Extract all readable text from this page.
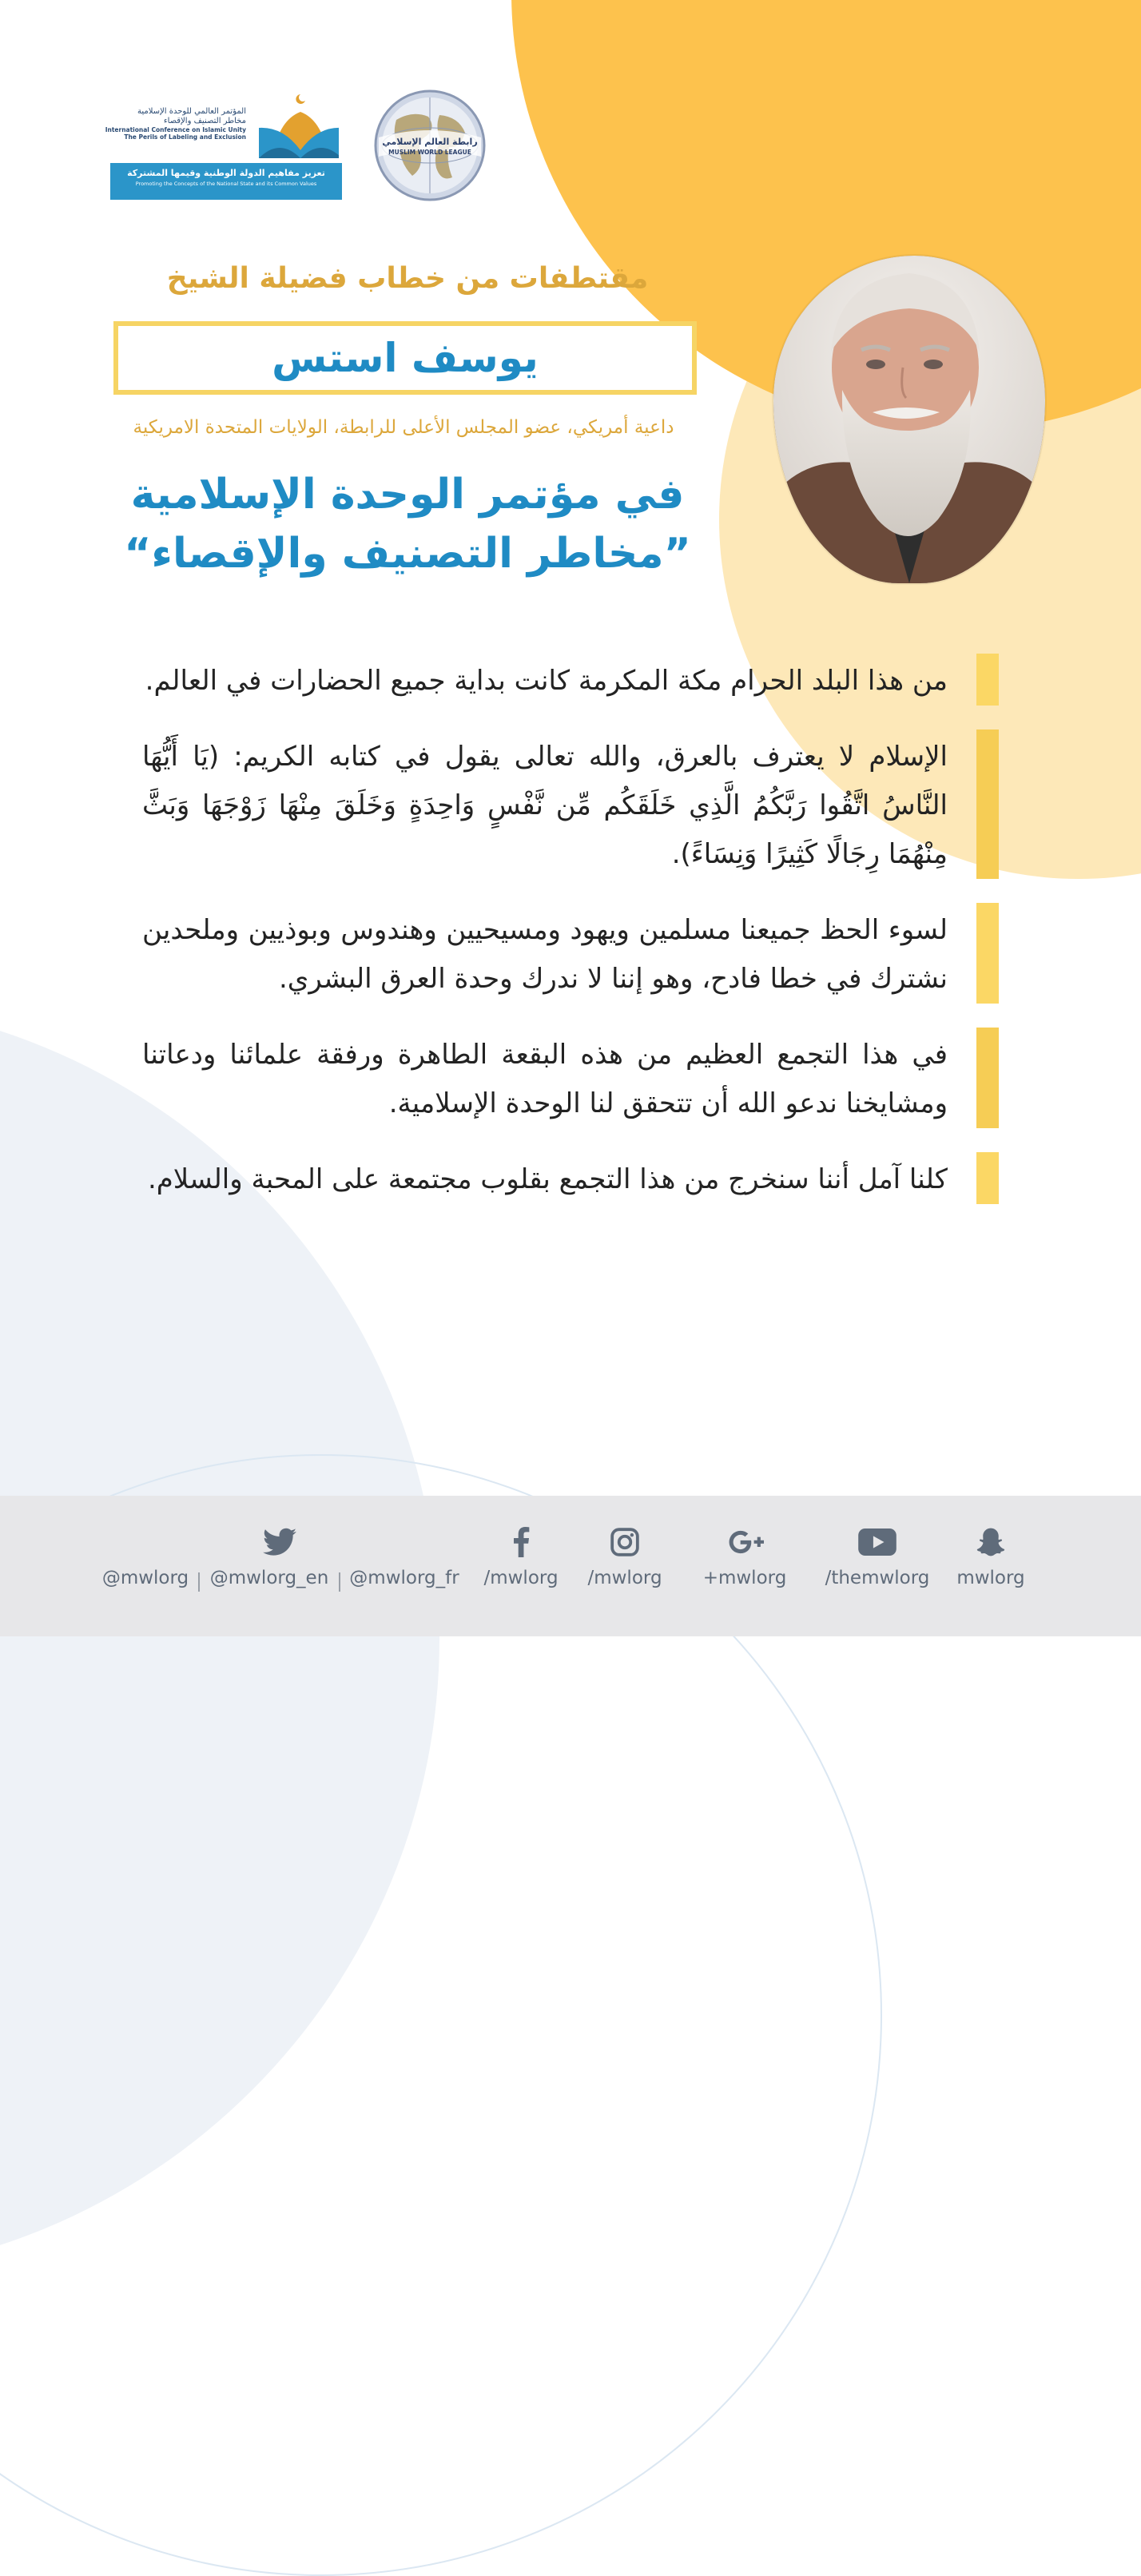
المؤتمر العالمي للوحدة الإسلامية
مخاطر التصنيف والإقصاء
International Conference on Islamic Unity
The Perils of Labeling and Exclusion
تعزيز مفاهيم الدولة الوطنية وقيمها المشتركة
Promoting the Concepts of the National State and its Common Values
رابطة العالم الإسلامي
MUSLIM WORLD LEAGUE
مقتطفات من خطاب فضيلة الشيخ
يوسف استس
داعية أمريكي، عضو المجلس الأعلى للرابطة، الولايات المتحدة الامريكية
في مؤتمر الوحدة الإسلامية
”مخاطر التصنيف والإقصاء“
من هذا البلد الحرام مكة المكرمة كانت بداية جميع الحضارات في العالم.
الإسلام لا يعترف بالعرق، والله تعالى يقول في كتابه الكريم: (يَا أَيُّهَا النَّاسُ اتَّقُوا رَبَّكُمُ الَّذِي خَلَقَكُم مِّن نَّفْسٍ وَاحِدَةٍ وَخَلَقَ مِنْهَا زَوْجَهَا وَبَثَّ مِنْهُمَا رِجَالًا كَثِيرًا وَنِسَاءً).
لسوء الحظ جميعنا مسلمين ويهود ومسيحيين وهندوس وبوذيين وملحدين نشترك في خطا فادح، وهو إننا لا ندرك وحدة العرق البشري.
في هذا التجمع العظيم من هذه البقعة الطاهرة ورفقة علمائنا ودعاتنا ومشايخنا ندعو الله أن تتحقق لنا الوحدة الإسلامية.
كلنا آمل أننا سنخرج من هذا التجمع بقلوب مجتمعة على المحبة والسلام.
@mwlorg @mwlorg_en @mwlorg_fr /mwlorg /mwlorg +mwlorg /themwlorg mwlorg
